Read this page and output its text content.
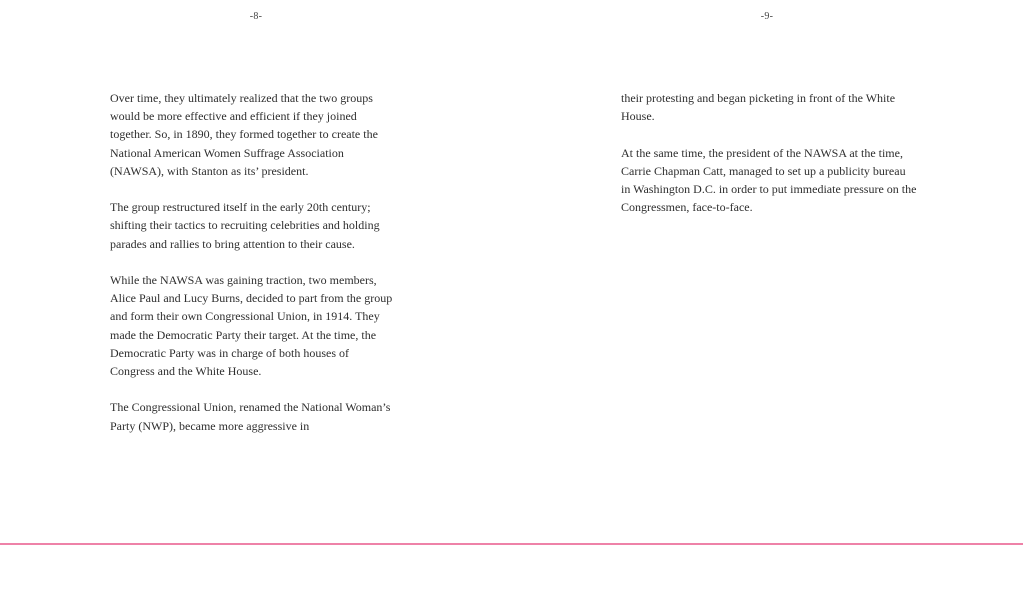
-8-

Over time, they ultimately realized that the two groups would be more effective and efficient if they joined together. So, in 1890, they formed together to create the National American Women Suffrage Association (NAWSA), with Stanton as its’ president.

The group restructured itself in the early 20th century; shifting their tactics to recruiting celebrities and holding parades and rallies to bring attention to their cause.

While the NAWSA was gaining traction, two members, Alice Paul and Lucy Burns, decided to part from the group and form their own Congressional Union, in 1914. They made the Democratic Party their target. At the time, the Democratic Party was in charge of both houses of Congress and the White House.

The Congressional Union, renamed the National Woman’s Party (NWP), became more aggressive in

-9-

their protesting and began picketing in front of the White House.

At the same time, the president of the NAWSA at the time, Carrie Chapman Catt, managed to set up a publicity bureau in Washington D.C. in order to put immediate pressure on the Congressmen, face-to-face.
